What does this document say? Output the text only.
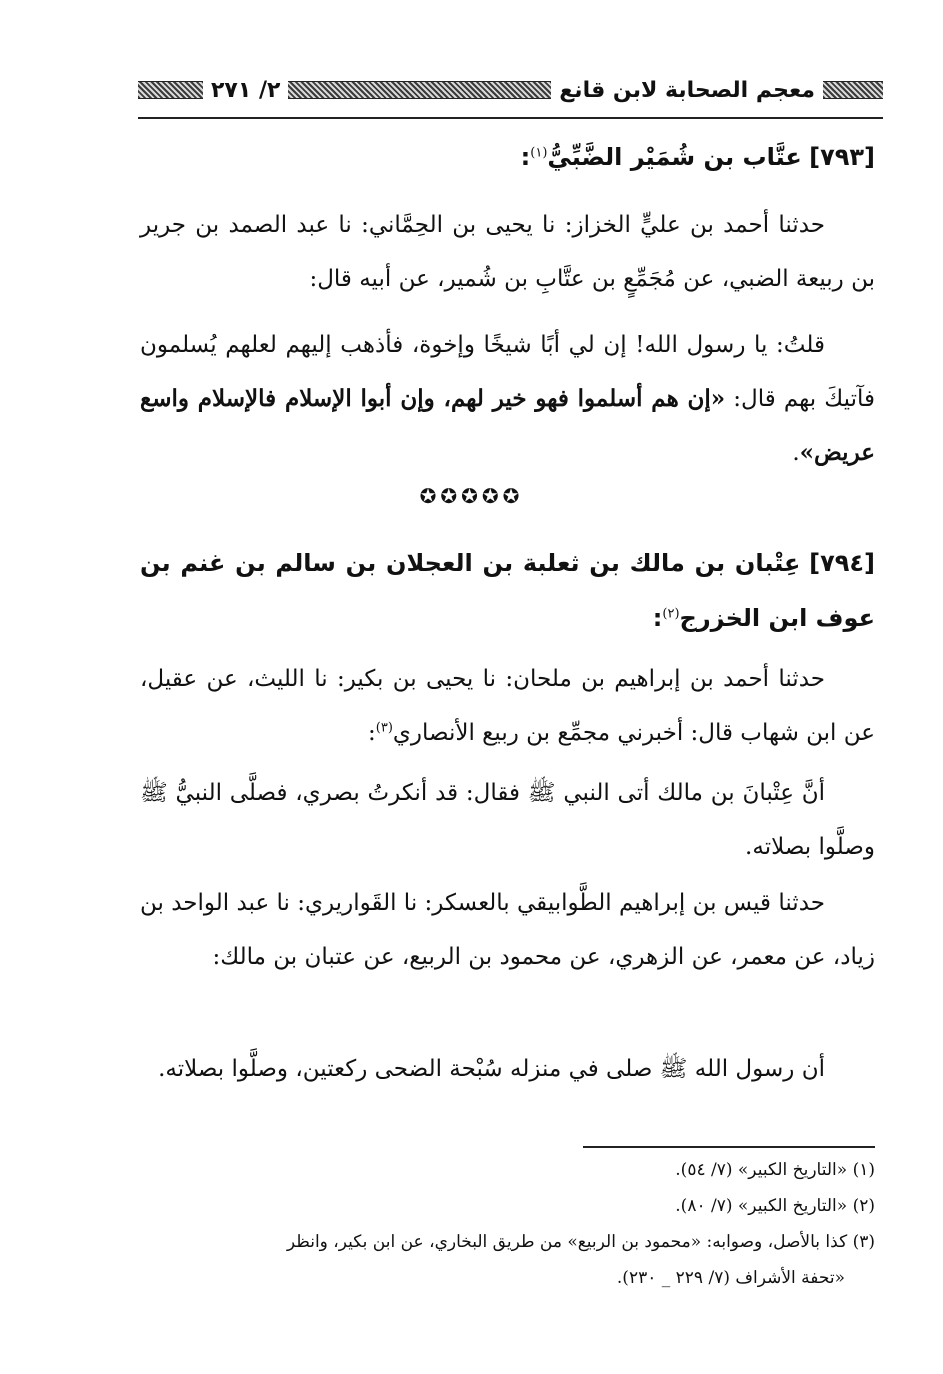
معجم الصحابة لابن قانع
٢/ ٢٧١
[٧٩٣] عتَّاب بن شُمَيْر الضَّبِّيُّ$^{(١)}$:
حدثنا أحمد بن عليٍّ الخزاز: نا يحيى بن الحِمَّاني: نا عبد الصمد بن جرير بن ربيعة الضبي، عن مُجَمِّعٍ بن عتَّابِ بن شُمير، عن أبيه قال:
قلتُ: يا رسول الله! إن لي أبًا شيخًا وإخوة، فأذهب إليهم لعلهم يُسلمون فآتيكَ بهم قال: «إن هم أسلموا فهو خير لهم، وإن أبوا الإسلام فالإسلام واسع عريض».
✪✪✪✪✪
[٧٩٤] عِتْبان بن مالك بن ثعلبة بن العجلان بن سالم بن غنم بن عوف ابن الخزرج$^{(٢)}$:
حدثنا أحمد بن إبراهيم بن ملحان: نا يحيى بن بكير: نا الليث، عن عقيل، عن ابن شهاب قال: أخبرني مجمِّع بن ربيع الأنصاري$^{(٣)}$:
أنَّ عِتْبانَ بن مالك أتى النبي ﷺ فقال: قد أنكرتُ بصري، فصلَّى النبيُّ ﷺ وصلَّوا بصلاته.
حدثنا قيس بن إبراهيم الطَّوابيقي بالعسكر: نا القَواريري: نا عبد الواحد بن زياد، عن معمر، عن الزهري، عن محمود بن الربيع، عن عتبان بن مالك:
أن رسول الله ﷺ صلى في منزله سُبْحة الضحى ركعتين، وصلَّوا بصلاته.

(١) «التاريخ الكبير» (٧/ ٥٤).

(٢) «التاريخ الكبير» (٧/ ٨٠).

(٣) كذا بالأصل، وصوابه: «محمود بن الربيع» من طريق البخاري، عن ابن بكير، وانظر

«تحفة الأشراف (٧/ ٢٢٩ _ ٢٣٠).
